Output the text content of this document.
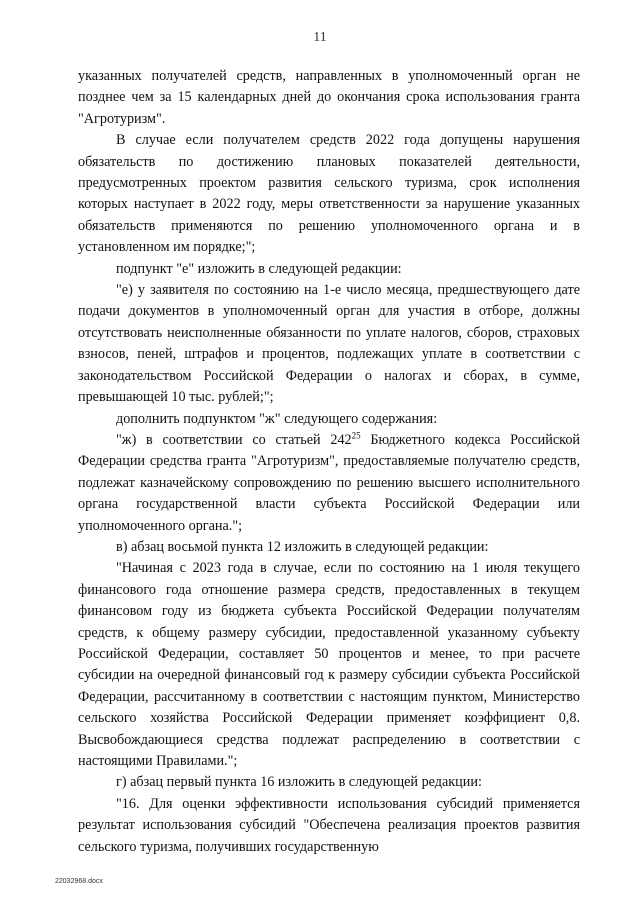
11

указанных получателей средств, направленных в уполномоченный орган не позднее чем за 15 календарных дней до окончания срока использования гранта "Агротуризм".

В случае если получателем средств 2022 года допущены нарушения обязательств по достижению плановых показателей деятельности, предусмотренных проектом развития сельского туризма, срок исполнения которых наступает в 2022 году, меры ответственности за нарушение указанных обязательств применяются по решению уполномоченного органа и в установленном им порядке;";

подпункт "е" изложить в следующей редакции:

"е) у заявителя по состоянию на 1-е число месяца, предшествующего дате подачи документов в уполномоченный орган для участия в отборе, должны отсутствовать неисполненные обязанности по уплате налогов, сборов, страховых взносов, пеней, штрафов и процентов, подлежащих уплате в соответствии с законодательством Российской Федерации о налогах и сборах, в сумме, превышающей 10 тыс. рублей;";

дополнить подпунктом "ж" следующего содержания:

"ж) в соответствии со статьей $242^{25}$ Бюджетного кодекса Российской Федерации средства гранта "Агротуризм", предоставляемые получателю средств, подлежат казначейскому сопровождению по решению высшего исполнительного органа государственной власти субъекта Российской Федерации или уполномоченного органа.";

в) абзац восьмой пункта 12 изложить в следующей редакции:

"Начиная с 2023 года в случае, если по состоянию на 1 июля текущего финансового года отношение размера средств, предоставленных в текущем финансовом году из бюджета субъекта Российской Федерации получателям средств, к общему размеру субсидии, предоставленной указанному субъекту Российской Федерации, составляет 50 процентов и менее, то при расчете субсидии на очередной финансовый год к размеру субсидии субъекта Российской Федерации, рассчитанному в соответствии с настоящим пунктом, Министерство сельского хозяйства Российской Федерации применяет коэффициент 0,8. Высвобождающиеся средства подлежат распределению в соответствии с настоящими Правилами.";

г) абзац первый пункта 16 изложить в следующей редакции:

"16. Для оценки эффективности использования субсидий применяется результат использования субсидий "Обеспечена реализация проектов развития сельского туризма, получивших государственную

22032968.docx
